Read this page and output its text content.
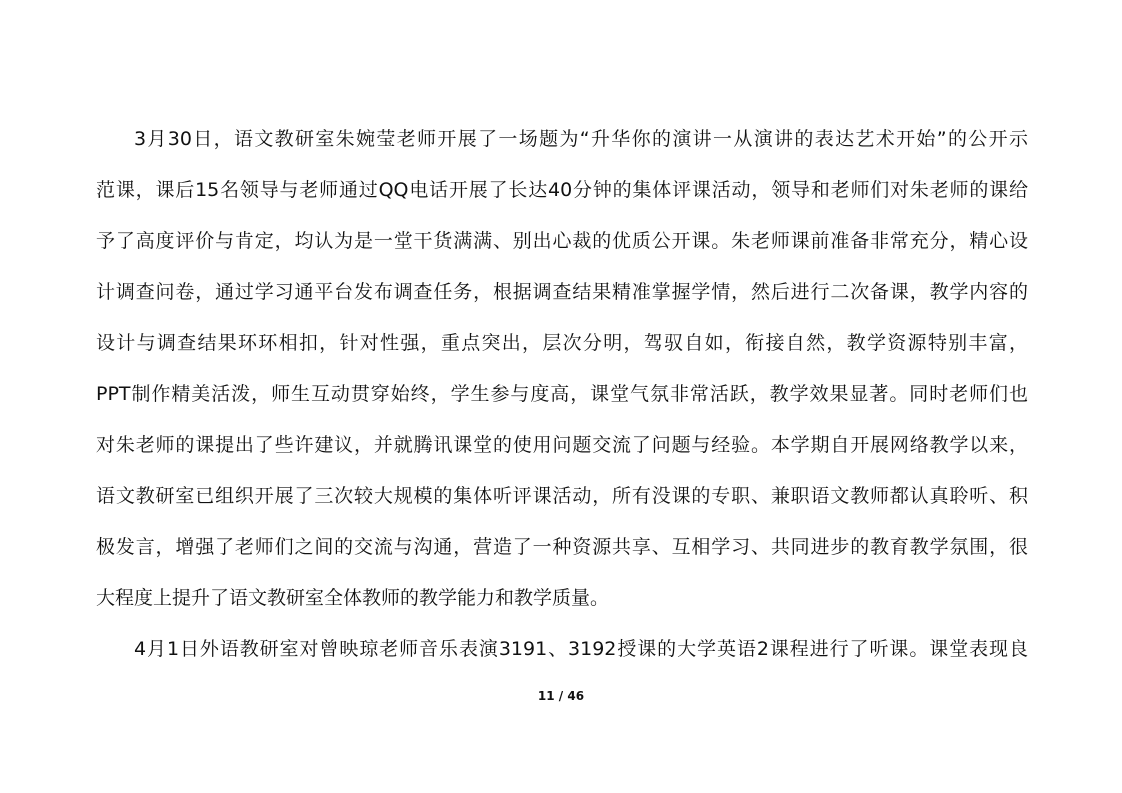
3月30日，语文教研室朱婉莹老师开展了一场题为“升华你的演讲一从演讲的表达艺术开始”的公开示
范课，课后15名领导与老师通过QQ电话开展了长达40分钟的集体评课活动，领导和老师们对朱老师的课给
予了高度评价与肯定，均认为是一堂干货满满、别出心裁的优质公开课。朱老师课前准备非常充分，精心设
计调查问卷，通过学习通平台发布调查任务，根据调查结果精准掌握学情，然后进行二次备课，教学内容的
设计与调查结果环环相扣，针对性强，重点突出，层次分明，驾驭自如，衔接自然，教学资源特别丰富，
PPT制作精美活泼，师生互动贯穿始终，学生参与度高，课堂气氛非常活跃，教学效果显著。同时老师们也
对朱老师的课提出了些许建议，并就腾讯课堂的使用问题交流了问题与经验。本学期自开展网络教学以来，
语文教研室已组织开展了三次较大规模的集体听评课活动，所有没课的专职、兼职语文教师都认真聆听、积
极发言，增强了老师们之间的交流与沟通，营造了一种资源共享、互相学习、共同进步的教育教学氛围，很
大程度上提升了语文教研室全体教师的教学能力和教学质量。
4月1日外语教研室对曾映琼老师音乐表演3191、3192授课的大学英语2课程进行了听课。课堂表现良
11 / 46
